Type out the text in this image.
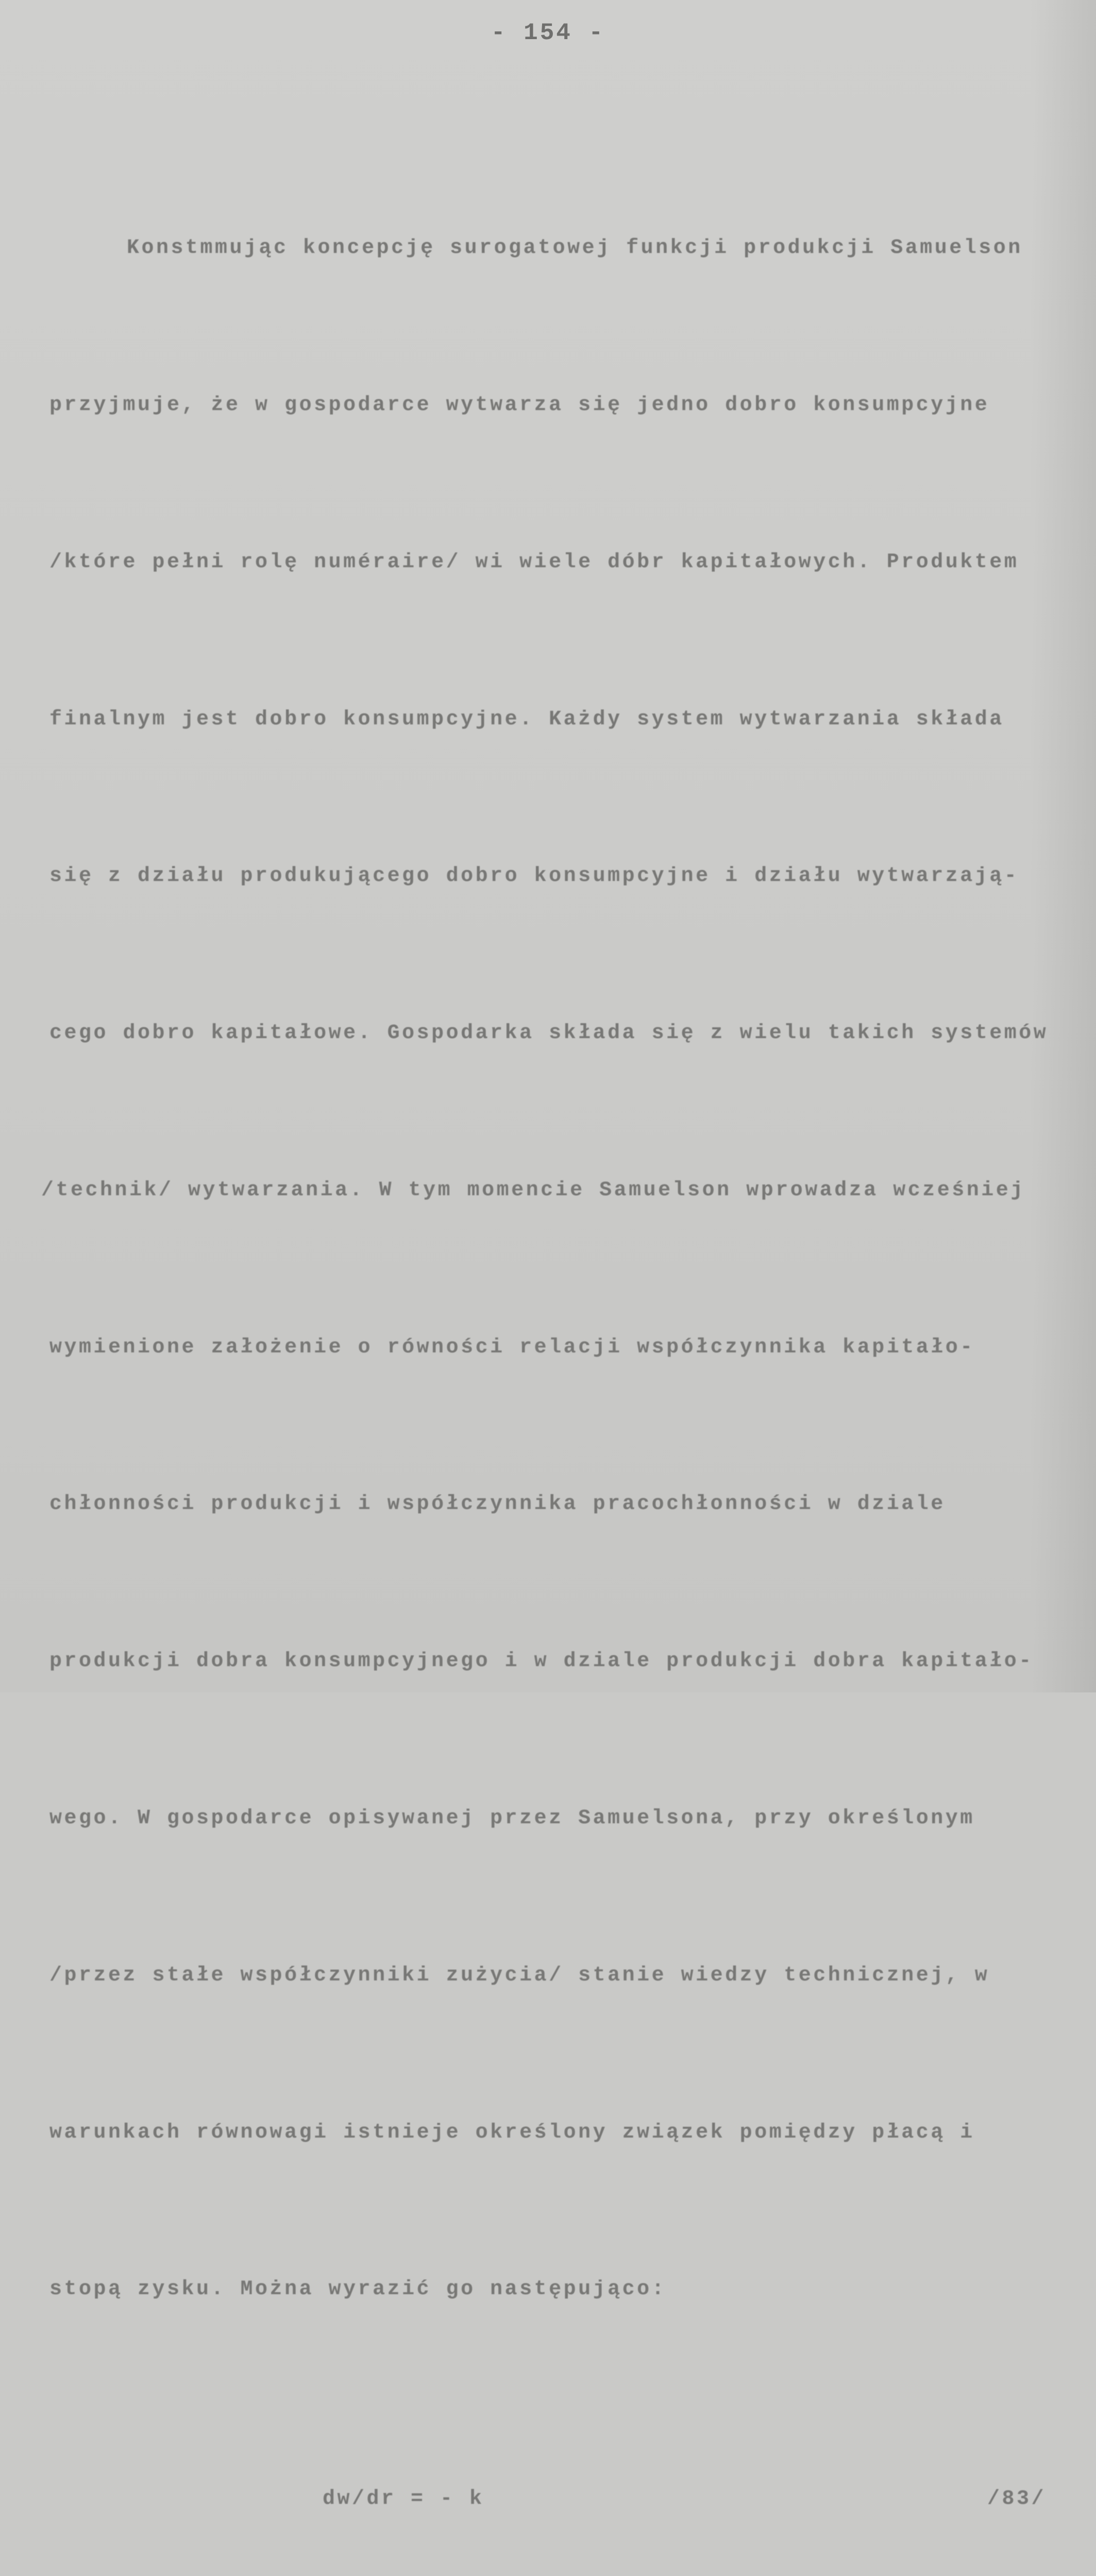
- 154 -

Konstmmując koncepcję surogatowej funkcji produkcji Samuelson

przyjmuje, że w gospodarce wytwarza się jedno dobro konsumpcyjne

/które pełni rolę numéraire/ wi wiele dóbr kapitałowych. Produktem

finalnym jest dobro konsumpcyjne. Każdy system wytwarzania składa

się z działu produkującego dobro konsumpcyjne i działu wytwarzają-

cego dobro kapitałowe. Gospodarka składa się z wielu takich systemów

/technik/ wytwarzania. W tym momencie Samuelson wprowadza wcześniej

wymienione założenie o równości relacji współczynnika kapitało-

chłonności produkcji i współczynnika pracochłonności w dziale

produkcji dobra konsumpcyjnego i w dziale produkcji dobra kapitało-

wego. W gospodarce opisywanej przez Samuelsona, przy określonym

/przez stałe współczynniki zużycia/ stanie wiedzy technicznej, w

warunkach równowagi istnieje określony związek pomiędzy płacą i

stopą zysku. Można wyrazić go następująco:

dw/dr = - k

	/83/
